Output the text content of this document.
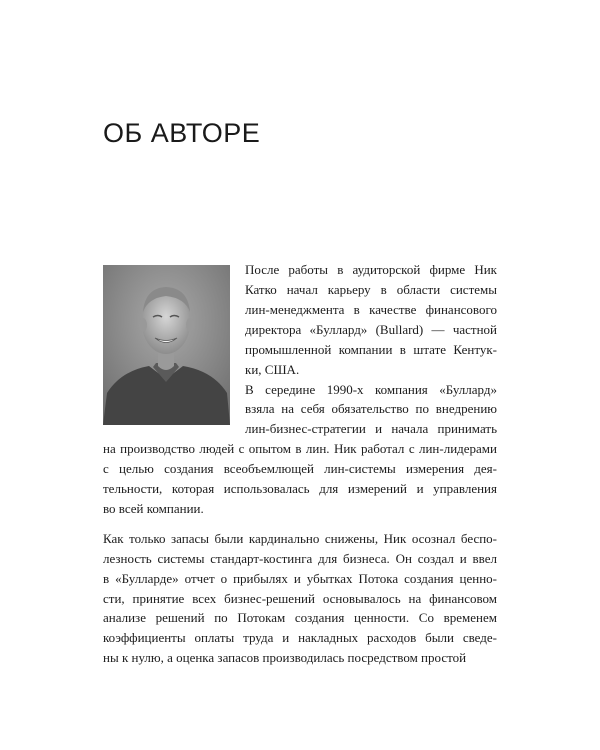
ОБ АВТОРЕ
После работы в аудиторской фирме Ник
Катко начал карьеру в области системы
лин-менеджмента в качестве финансового
директора «Буллард» (Bullard) — частной
промышленной компании в штате Кентук-
ки, США.
В середине 1990-х компания «Буллард»
взяла на себя обязательство по внедрению
лин-бизнес-стратегии и начала принимать
на производство людей с опытом в лин. Ник работал с лин-лидерами
с целью создания всеобъемлющей лин-системы измерения дея-
тельности, которая использовалась для измерений и управления
во всей компании.
Как только запасы были кардинально снижены, Ник осознал беспо-
лезность системы стандарт-костинга для бизнеса. Он создал и ввел
в «Булларде» отчет о прибылях и убытках Потока создания ценно-
сти, принятие всех бизнес-решений основывалось на финансовом
анализе решений по Потокам создания ценности. Со временем
коэффициенты оплаты труда и накладных расходов были сведе-
ны к нулю, а оценка запасов производилась посредством простой
